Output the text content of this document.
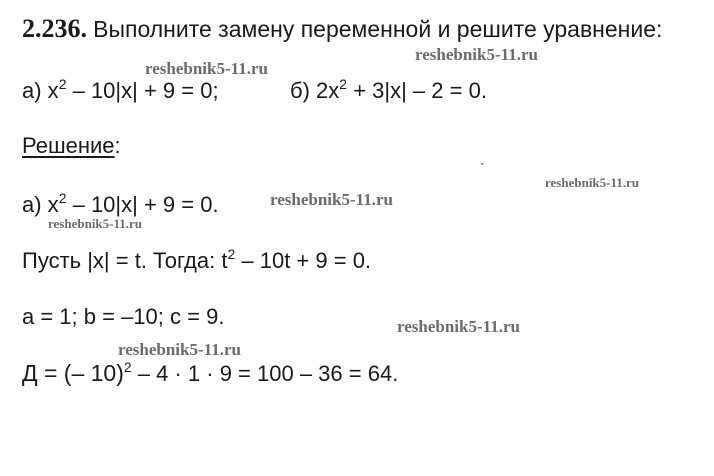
2.236. Выполните замену переменной и решите уравнение:
reshebnik5-11.ru
reshebnik5-11.ru
reshebnik5-11.ru
reshebnik5-11.ru
reshebnik5-11.ru
reshebnik5-11.ru
reshebnik5-11.ru
а) $x^2 - 10|x| + 9 = 0$;	б) $2x^2 + 3|x| - 2 = 0$.
Решение:
`
а) $x^2 - 10|x| + 9 = 0$.
Пусть |x| = t. Тогда: $t^2 - 10t + 9 = 0$.
a = 1; b = –10; c = 9.
Д = (– 10)$^2$ – 4 · 1 · 9 = 100 – 36 = 64.
